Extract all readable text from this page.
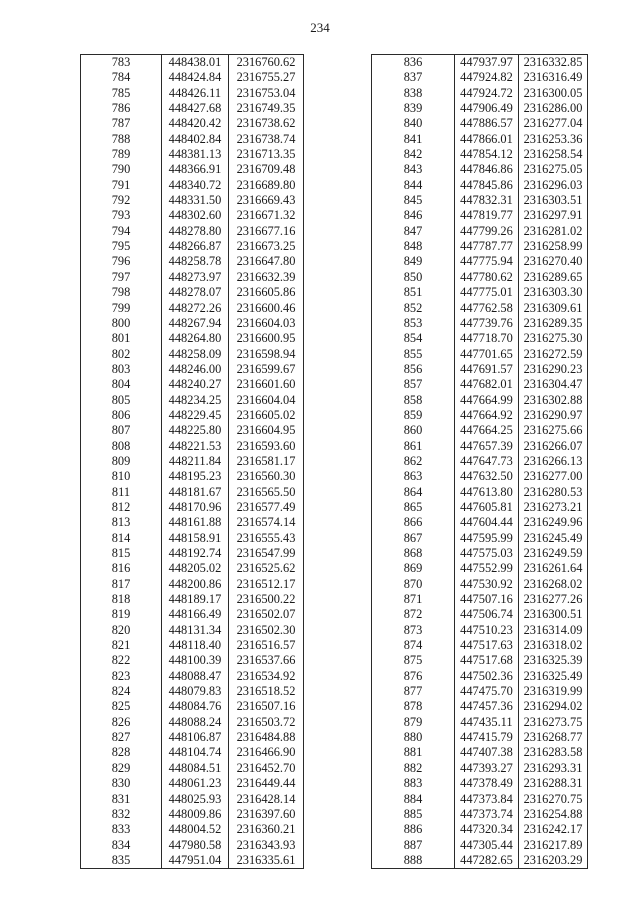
234
783	448438.01	2316760.62
784	448424.84	2316755.27
785	448426.11	2316753.04
786	448427.68	2316749.35
787	448420.42	2316738.62
788	448402.84	2316738.74
789	448381.13	2316713.35
790	448366.91	2316709.48
791	448340.72	2316689.80
792	448331.50	2316669.43
793	448302.60	2316671.32
794	448278.80	2316677.16
795	448266.87	2316673.25
796	448258.78	2316647.80
797	448273.97	2316632.39
798	448278.07	2316605.86
799	448272.26	2316600.46
800	448267.94	2316604.03
801	448264.80	2316600.95
802	448258.09	2316598.94
803	448246.00	2316599.67
804	448240.27	2316601.60
805	448234.25	2316604.04
806	448229.45	2316605.02
807	448225.80	2316604.95
808	448221.53	2316593.60
809	448211.84	2316581.17
810	448195.23	2316560.30
811	448181.67	2316565.50
812	448170.96	2316577.49
813	448161.88	2316574.14
814	448158.91	2316555.43
815	448192.74	2316547.99
816	448205.02	2316525.62
817	448200.86	2316512.17
818	448189.17	2316500.22
819	448166.49	2316502.07
820	448131.34	2316502.30
821	448118.40	2316516.57
822	448100.39	2316537.66
823	448088.47	2316534.92
824	448079.83	2316518.52
825	448084.76	2316507.16
826	448088.24	2316503.72
827	448106.87	2316484.88
828	448104.74	2316466.90
829	448084.51	2316452.70
830	448061.23	2316449.44
831	448025.93	2316428.14
832	448009.86	2316397.60
833	448004.52	2316360.21
834	447980.58	2316343.93
835	447951.04	2316335.61
836	447937.97	2316332.85
837	447924.82	2316316.49
838	447924.72	2316300.05
839	447906.49	2316286.00
840	447886.57	2316277.04
841	447866.01	2316253.36
842	447854.12	2316258.54
843	447846.86	2316275.05
844	447845.86	2316296.03
845	447832.31	2316303.51
846	447819.77	2316297.91
847	447799.26	2316281.02
848	447787.77	2316258.99
849	447775.94	2316270.40
850	447780.62	2316289.65
851	447775.01	2316303.30
852	447762.58	2316309.61
853	447739.76	2316289.35
854	447718.70	2316275.30
855	447701.65	2316272.59
856	447691.57	2316290.23
857	447682.01	2316304.47
858	447664.99	2316302.88
859	447664.92	2316290.97
860	447664.25	2316275.66
861	447657.39	2316266.07
862	447647.73	2316266.13
863	447632.50	2316277.00
864	447613.80	2316280.53
865	447605.81	2316273.21
866	447604.44	2316249.96
867	447595.99	2316245.49
868	447575.03	2316249.59
869	447552.99	2316261.64
870	447530.92	2316268.02
871	447507.16	2316277.26
872	447506.74	2316300.51
873	447510.23	2316314.09
874	447517.63	2316318.02
875	447517.68	2316325.39
876	447502.36	2316325.49
877	447475.70	2316319.99
878	447457.36	2316294.02
879	447435.11	2316273.75
880	447415.79	2316268.77
881	447407.38	2316283.58
882	447393.27	2316293.31
883	447378.49	2316288.31
884	447373.84	2316270.75
885	447373.74	2316254.88
886	447320.34	2316242.17
887	447305.44	2316217.89
888	447282.65	2316203.29
